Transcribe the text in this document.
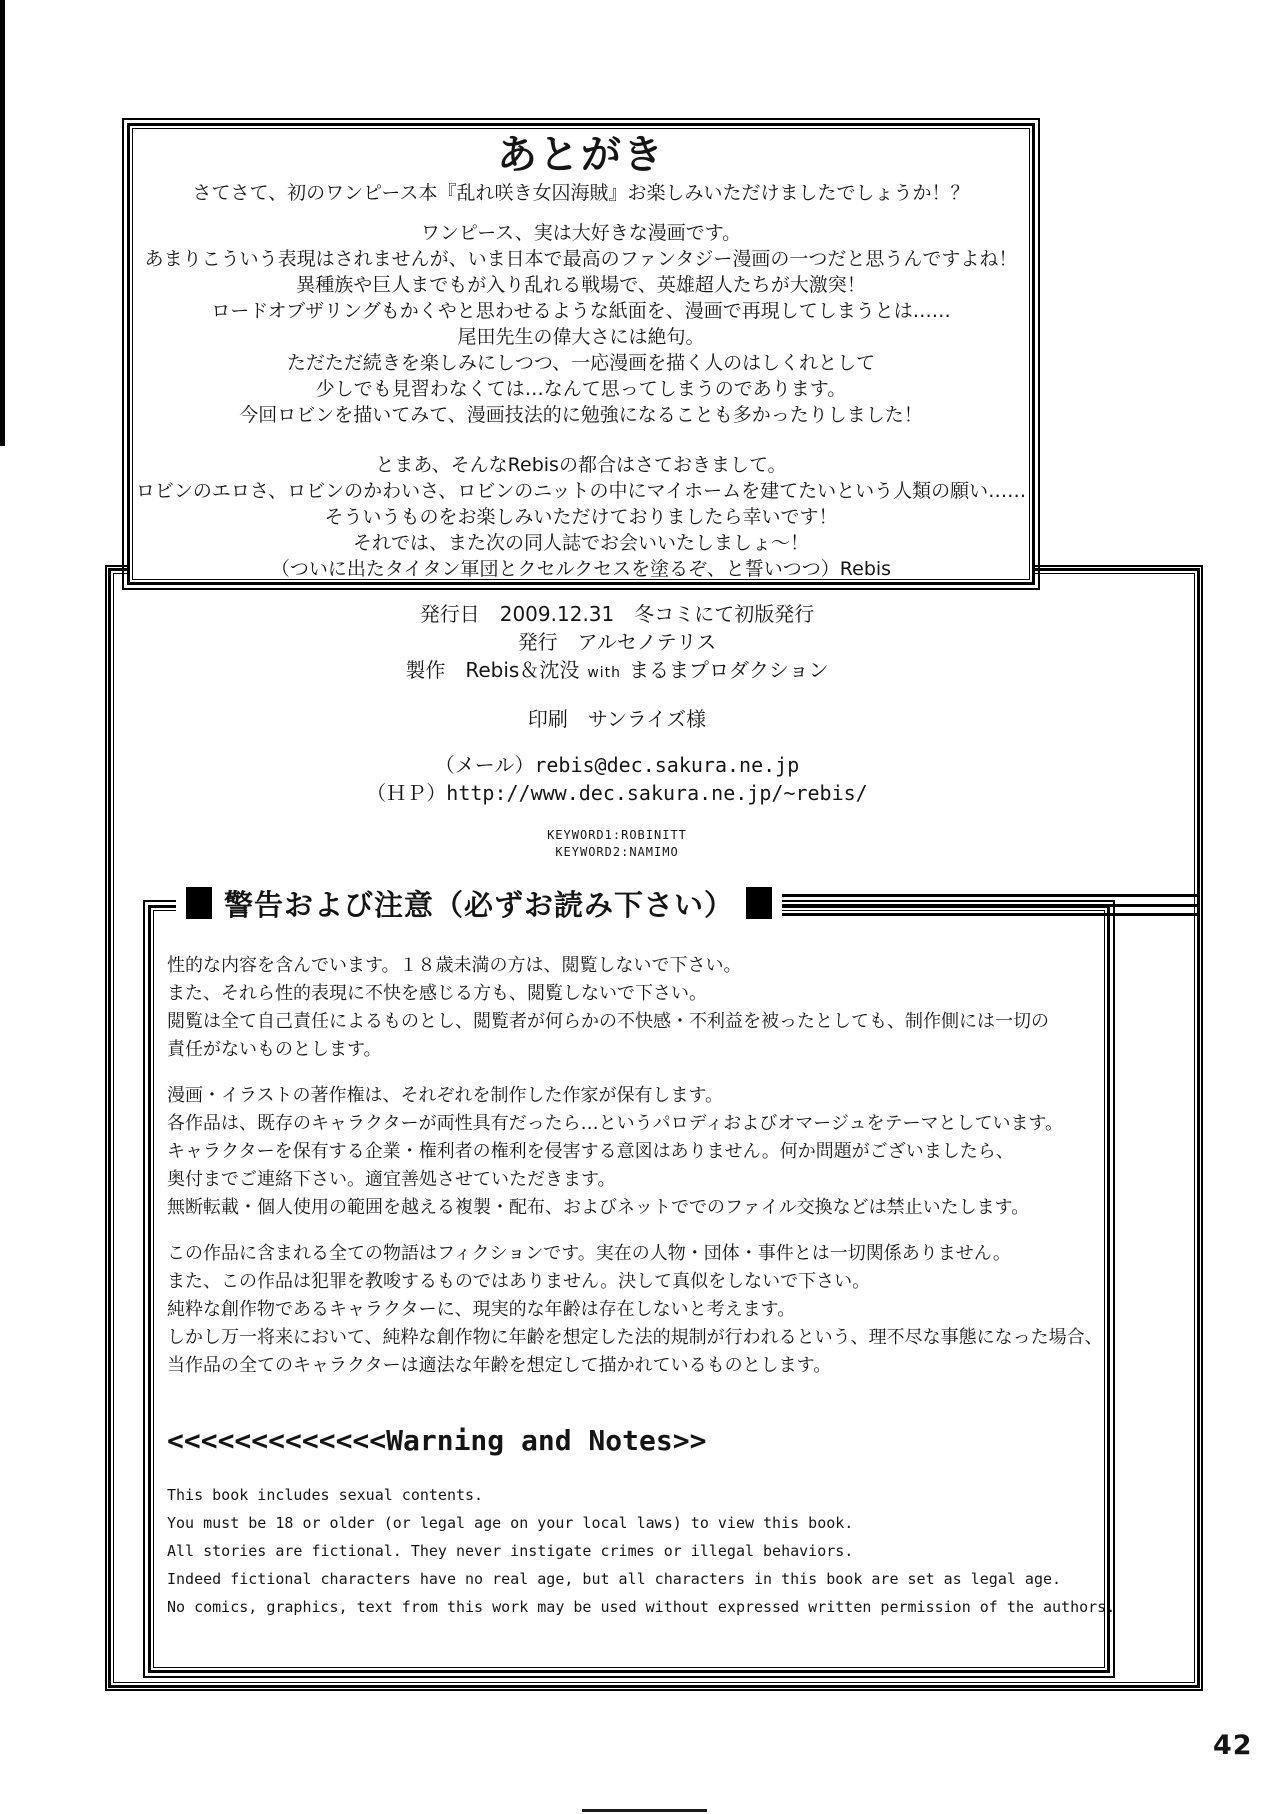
発行日　2009.12.31　冬コミにて初版発行
発行　アルセノテリス
製作　Rebis＆沈没 with まるまプロダクション
印刷　サンライズ様
（メール）rebis@dec.sakura.ne.jp
（ＨＰ）http://www.dec.sakura.ne.jp/~rebis/
KEYWORD1:ROBINITT
KEYWORD2:NAMIMO
あとがき
さてさて、初のワンピース本『乱れ咲き女囚海賊』お楽しみいただけましたでしょうか！？
ワンピース、実は大好きな漫画です。
あまりこういう表現はされませんが、いま日本で最高のファンタジー漫画の一つだと思うんですよね！
異種族や巨人までもが入り乱れる戦場で、英雄超人たちが大激突！
ロードオブザリングもかくやと思わせるような紙面を、漫画で再現してしまうとは……
尾田先生の偉大さには絶句。
ただただ続きを楽しみにしつつ、一応漫画を描く人のはしくれとして
少しでも見習わなくては…なんて思ってしまうのであります。
今回ロビンを描いてみて、漫画技法的に勉強になることも多かったりしました！
とまあ、そんなRebisの都合はさておきまして。
ロビンのエロさ、ロビンのかわいさ、ロビンのニットの中にマイホームを建てたいという人類の願い……
そういうものをお楽しみいただけておりましたら幸いです！
それでは、また次の同人誌でお会いいたしましょ～！
（ついに出たタイタン軍団とクセルクセスを塗るぞ、と誓いつつ）Rebis
性的な内容を含んでいます。１８歳未満の方は、閲覧しないで下さい。
また、それら性的表現に不快を感じる方も、閲覧しないで下さい。
閲覧は全て自己責任によるものとし、閲覧者が何らかの不快感・不利益を被ったとしても、制作側には一切の
責任がないものとします。
漫画・イラストの著作権は、それぞれを制作した作家が保有します。
各作品は、既存のキャラクターが両性具有だったら…というパロディおよびオマージュをテーマとしています。
キャラクターを保有する企業・権利者の権利を侵害する意図はありません。何か問題がございましたら、
奥付までご連絡下さい。適宜善処させていただきます。
無断転載・個人使用の範囲を越える複製・配布、およびネットででのファイル交換などは禁止いたします。
この作品に含まれる全ての物語はフィクションです。実在の人物・団体・事件とは一切関係ありません。
また、この作品は犯罪を教唆するものではありません。決して真似をしないで下さい。
純粋な創作物であるキャラクターに、現実的な年齢は存在しないと考えます。
しかし万一将来において、純粋な創作物に年齢を想定した法的規制が行われるという、理不尽な事態になった場合、
当作品の全てのキャラクターは適法な年齢を想定して描かれているものとします。
<<<<<<<<<<<<<Warning and Notes>>
This book includes sexual contents.
You must be 18 or older (or legal age on your local laws) to view this book.
All stories are fictional. They never instigate crimes or illegal behaviors.
Indeed fictional characters have no real age, but all characters in this book are set as legal age.
No comics, graphics, text from this work may be used without expressed written permission of the authors.
警告および注意（必ずお読み下さい）
42
